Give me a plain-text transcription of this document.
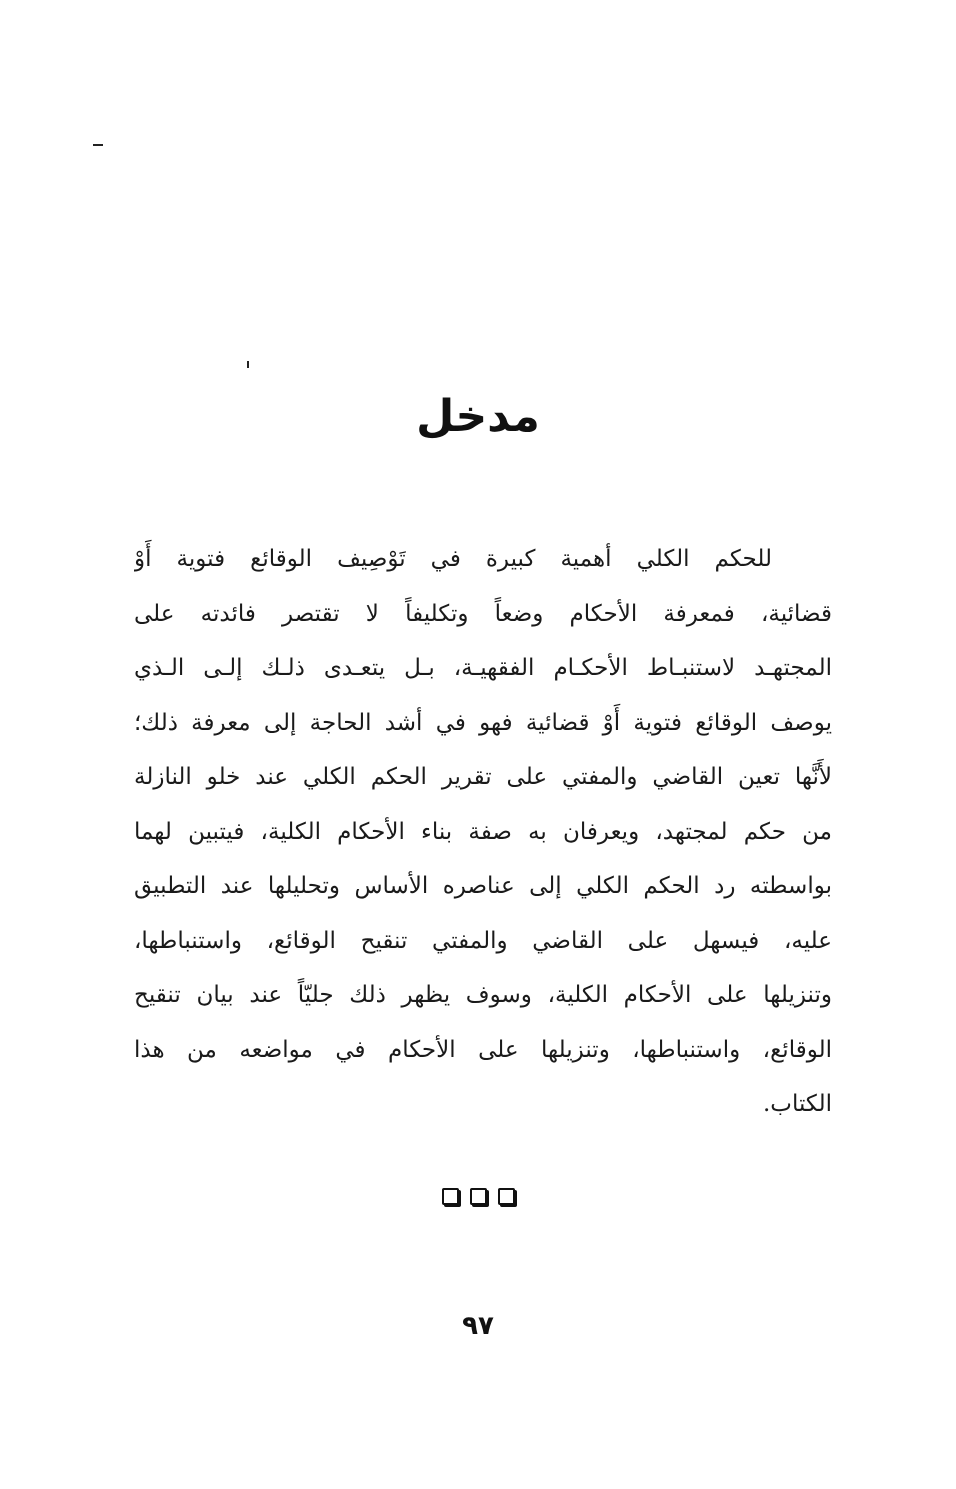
مدخل
للحكم الكلي أهمية كبيرة في تَوْصِيف الوقائع فتوية أَوْ
قضائية، فمعرفة الأحكام وضعاً وتكليفاً لا تقتصر فائدته على
المجتهـد لاستنبـاط الأحكـام الفقهيـة، بـل يتعـدى ذلـك إلـى الـذي
يوصف الوقائع فتوية أَوْ قضائية فهو في أشد الحاجة إلى معرفة ذلك؛
لأَنَّها تعين القاضي والمفتي على تقرير الحكم الكلي عند خلو النازلة
من حكم لمجتهد، ويعرفان به صفة بناء الأحكام الكلية، فيتبين لهما
بواسطته رد الحكم الكلي إلى عناصره الأساس وتحليلها عند التطبيق
عليه، فيسهل على القاضي والمفتي تنقيح الوقائع، واستنباطها،
وتنزيلها على الأحكام الكلية، وسوف يظهر ذلك جليّاً عند بيان تنقيح
الوقائع، واستنباطها، وتنزيلها على الأحكام في مواضعه من هذا
الكتاب.
٩٧
